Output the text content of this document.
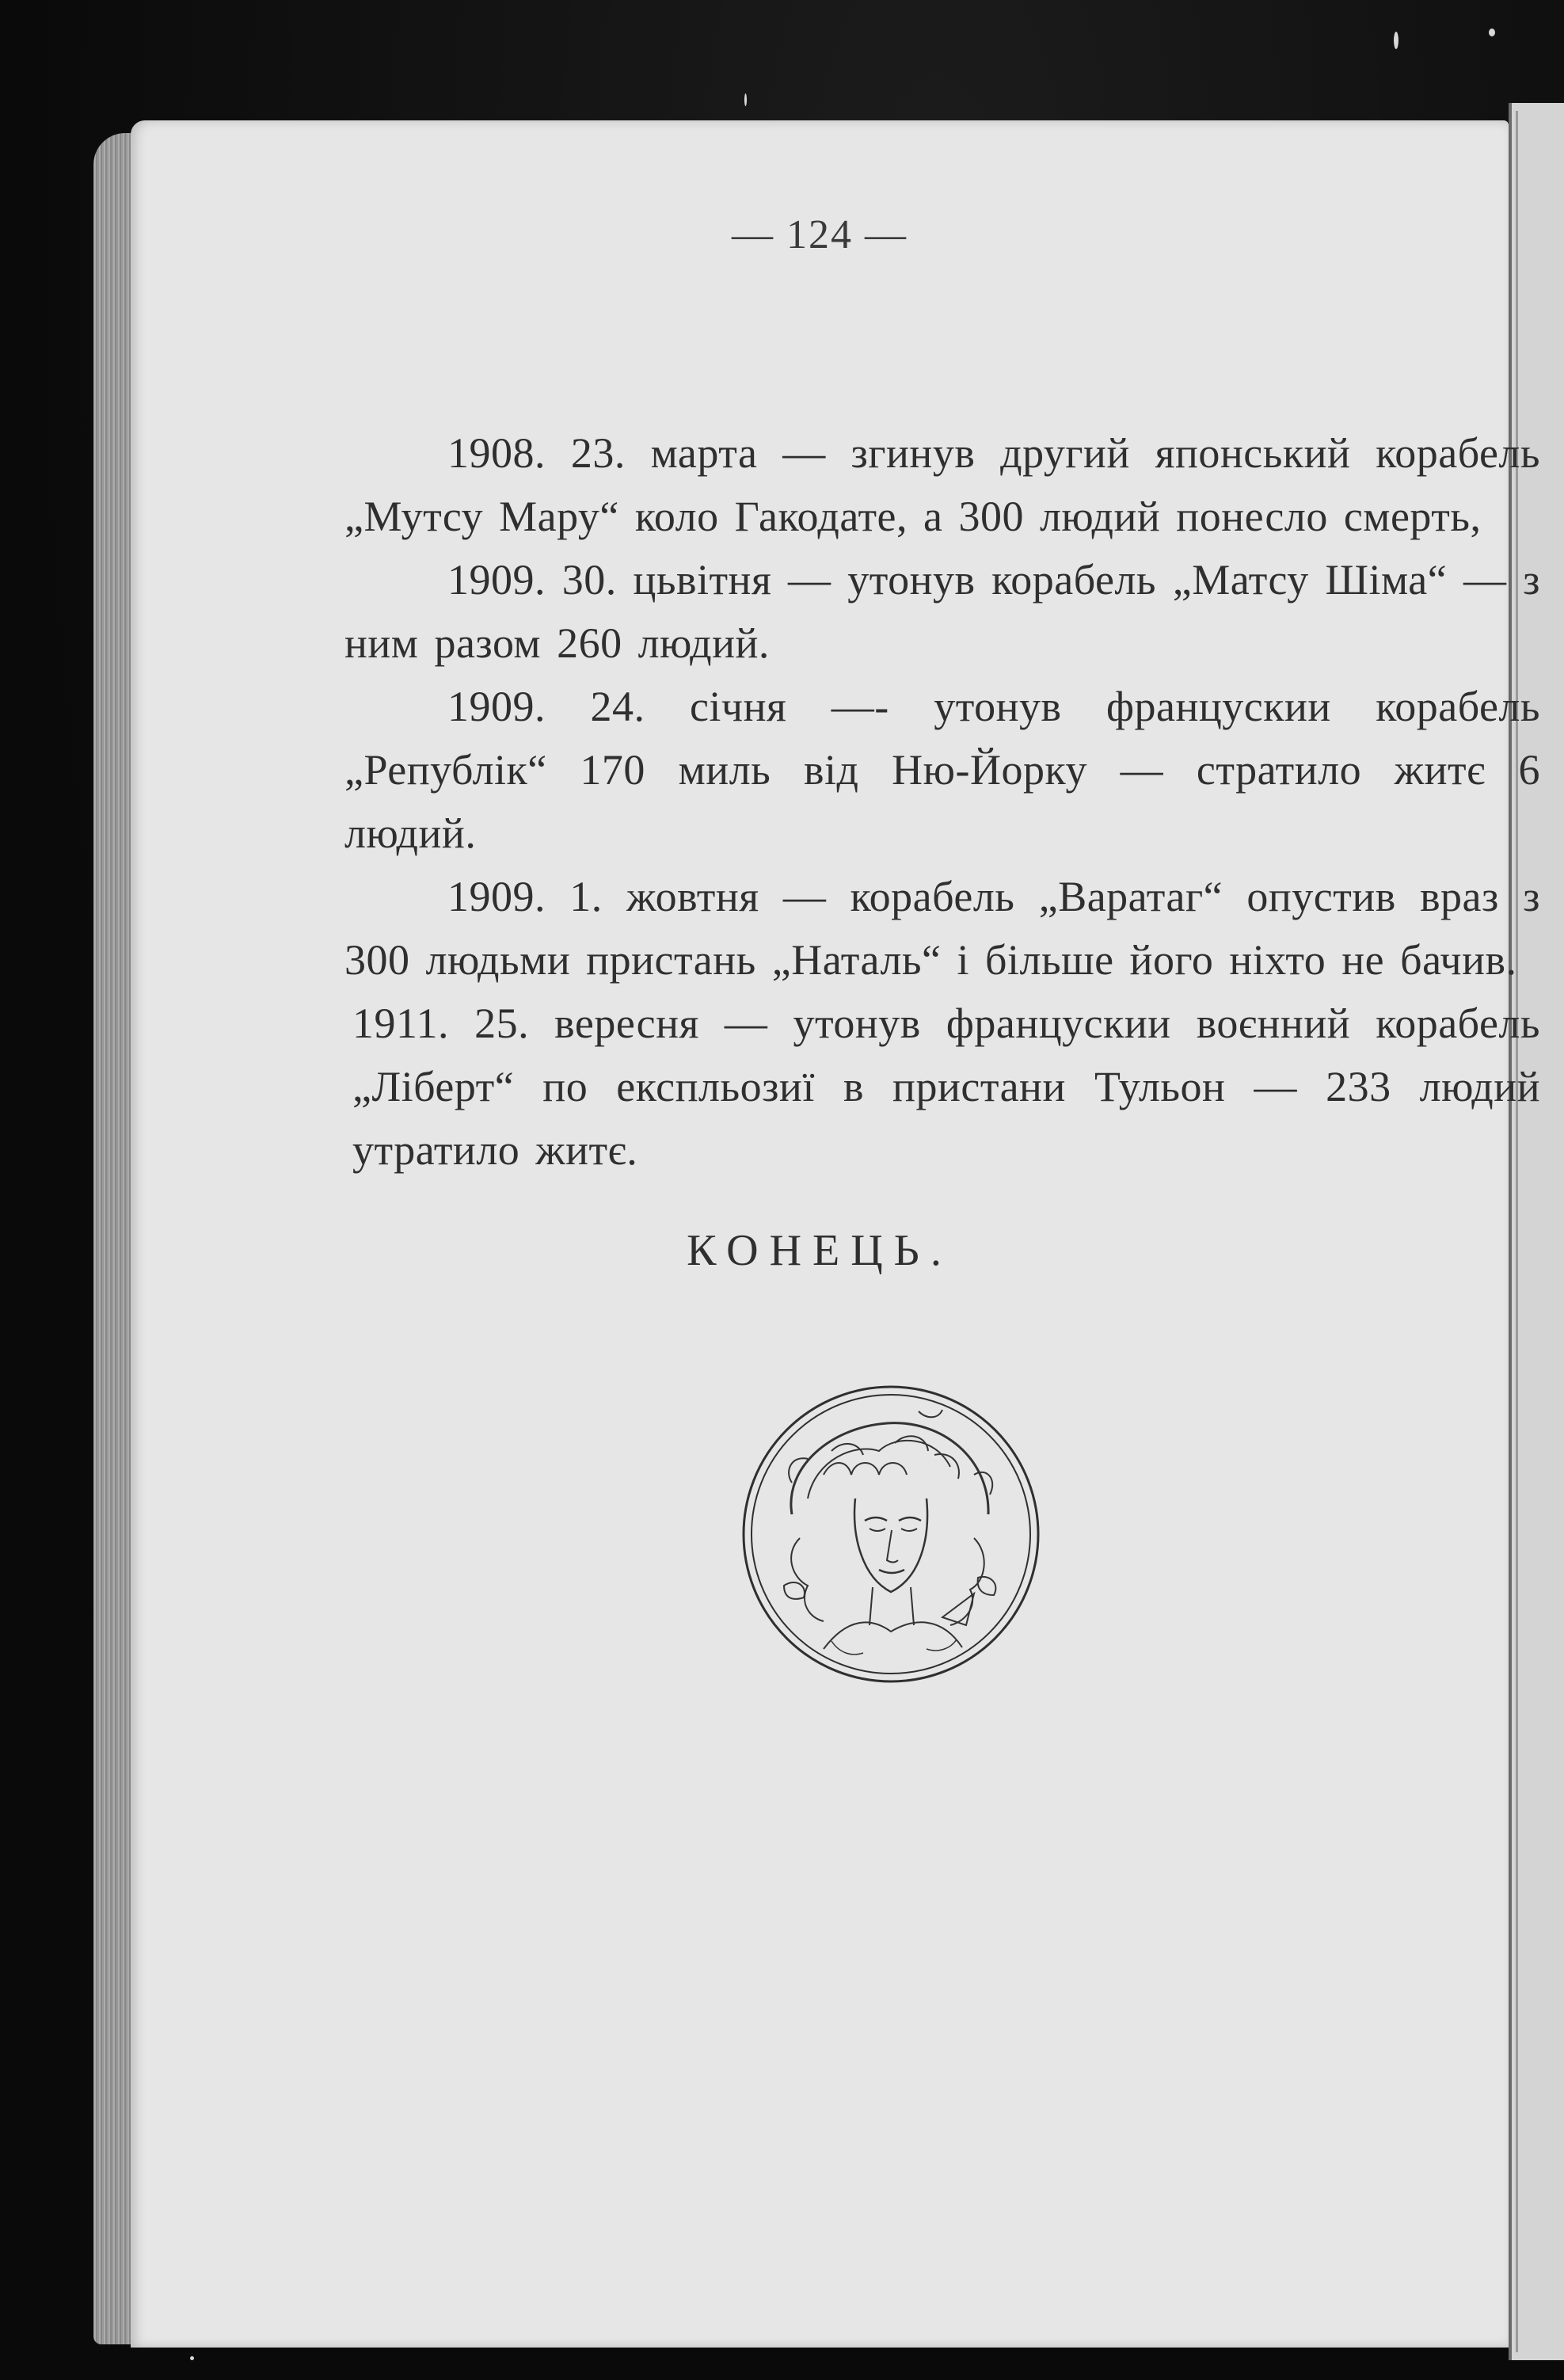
— 124 —

1908. 23. марта — згинув другий японський корабель „Мутсу Мару“ коло Гакодате, а 300 людий понесло смерть,

1909. 30. цьвітня — утонув корабель „Матсу Шіма“ — з ним разом 260 людий.

1909. 24. січня —- утонув францускии корабель „Републік“ 170 миль від Ню-Йорку — стратило житє 6 людий.

1909. 1. жовтня — корабель „Варатаг“ опустив враз з 300 людьми пристань „Наталь“ і більше його ніхто не бачив.

1911. 25. вересня — утонув францускии воєнний корабель „Ліберт“ по експльозиї в пристани Тульон — 233 людий утратило житє.

КОНЕЦЬ.
